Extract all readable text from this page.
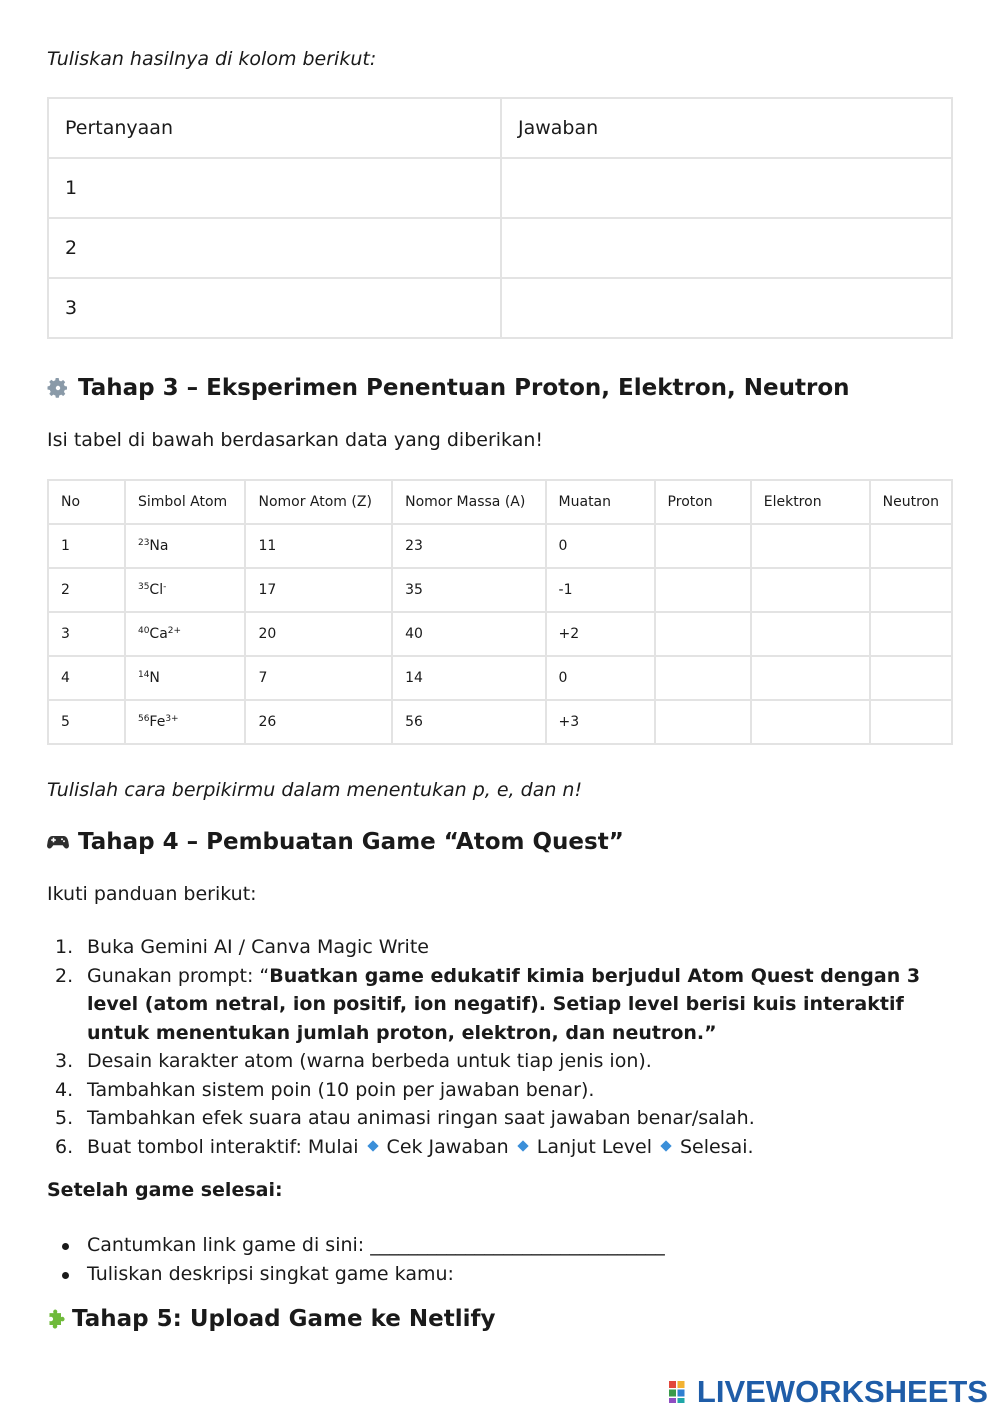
Tuliskan hasilnya di kolom berikut:
Pertanyaan	Jawaban
1	
2	
3	
Tahap 3 – Eksperimen Penentuan Proton, Elektron, Neutron
Isi tabel di bawah berdasarkan data yang diberikan!
No	Simbol Atom	Nomor Atom (Z)	Nomor Massa (A)	Muatan	Proton	Elektron	Neutron
1	$^{23}$Na	11	23	0			
2	$^{35}$Cl-	17	35	-1			
3	$^{40}Ca^{2+}$	20	40	+2			
4	$^{14}$N	7	14	0			
5	$^{56}Fe^{3+}$	26	56	+3			
Tulislah cara berpikirmu dalam menentukan p, e, dan n!
Tahap 4 – Pembuatan Game “Atom Quest”
Ikuti panduan berikut:
1. Buka Gemini AI / Canva Magic Write
2. Gunakan prompt: “Buatkan game edukatif kimia berjudul Atom Quest dengan 3 level (atom netral, ion positif, ion negatif). Setiap level berisi kuis interaktif untuk menentukan jumlah proton, elektron, dan neutron.”
3. Desain karakter atom (warna berbeda untuk tiap jenis ion).
4. Tambahkan sistem poin (10 poin per jawaban benar).
5. Tambahkan efek suara atau animasi ringan saat jawaban benar/salah.
6. Buat tombol interaktif: Mulai Cek Jawaban Lanjut Level Selesai.
Setelah game selesai:
Cantumkan link game di sini: _______________________________
Tuliskan deskripsi singkat game kamu:
Tahap 5: Upload Game ke Netlify
LIVEWORKSHEETS
